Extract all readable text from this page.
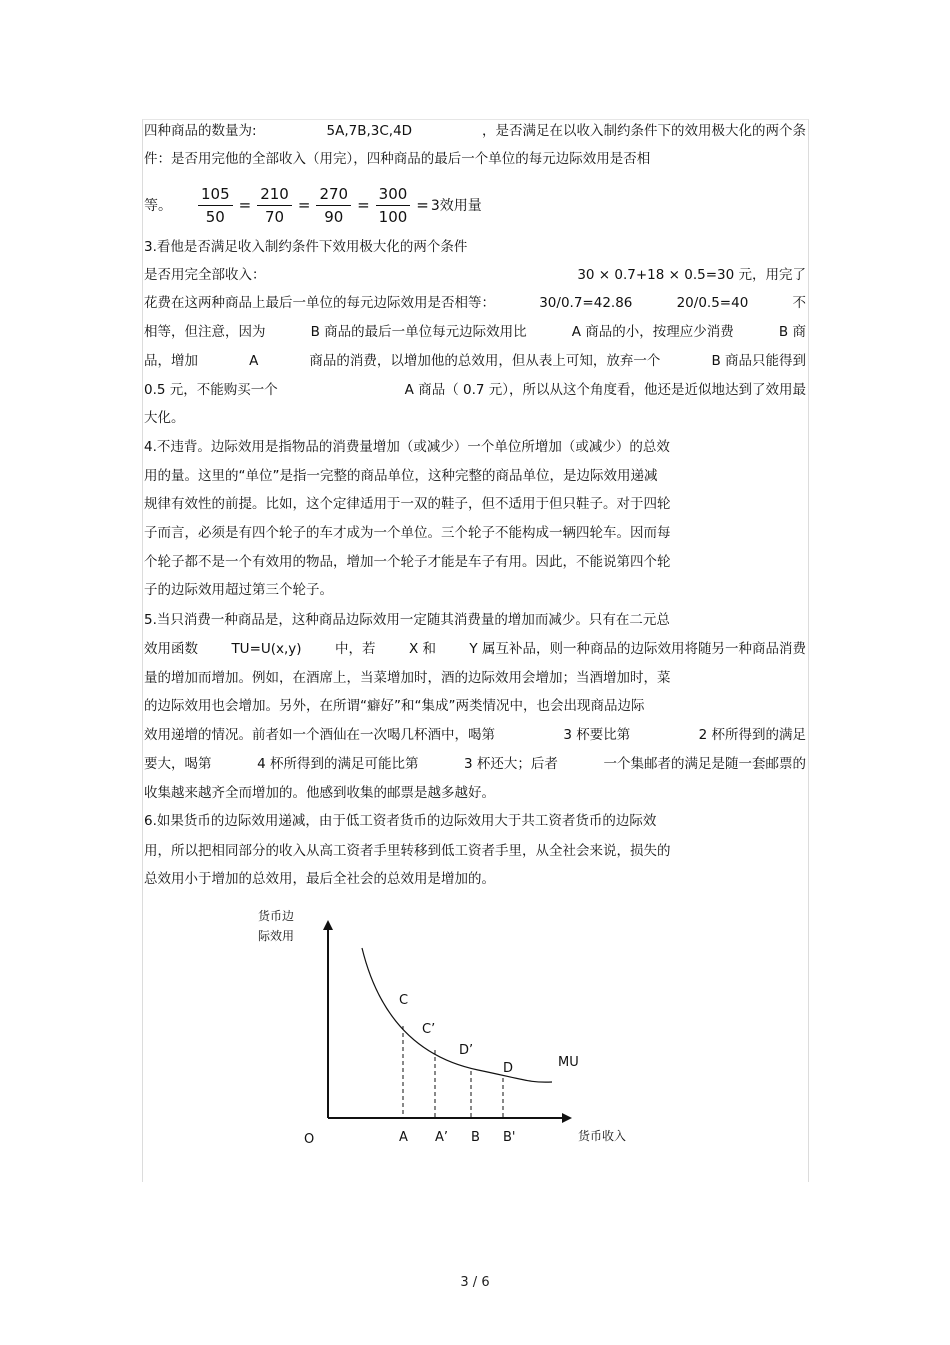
四种商品的数量为:	5A,7B,3C,4D	，是否满足在以收入制约条件下的效用极大化的两个条
件：是否用完他的全部收入（用完），四种商品的最后一个单位的每元边际效用是否相
3.看他是否满足收入制约条件下效用极大化的两个条件
是否用完全部收入：	30 × 0.7+18 × 0.5=30 元，用完了
花费在这两种商品上最后一单位的每元边际效用是否相等：	30/0.7=42.86	20/0.5=40	不
相等，但注意，因为	B 商品的最后一单位每元边际效用比	A 商品的小，按理应少消费	B 商
品，增加	A	商品的消费，以增加他的总效用，但从表上可知，放弃一个	B 商品只能得到
0.5 元，不能购买一个	A 商品（ 0.7 元），所以从这个角度看，他还是近似地达到了效用最
大化。
4.不违背。边际效用是指物品的消费量增加（或减少）一个单位所增加（或减少）的总效
用的量。这里的“单位”是指一完整的商品单位，这种完整的商品单位，是边际效用递减
规律有效性的前提。比如，这个定律适用于一双的鞋子，但不适用于但只鞋子。对于四轮
子而言，必须是有四个轮子的车才成为一个单位。三个轮子不能构成一辆四轮车。因而每
个轮子都不是一个有效用的物品，增加一个轮子才能是车子有用。因此，不能说第四个轮
子的边际效用超过第三个轮子。
5.当只消费一种商品是，这种商品边际效用一定随其消费量的增加而减少。只有在二元总
效用函数 TU=U(x,y) 中，若 X 和 Y 属互补品，则一种商品的边际效用将随另一种商品消费
量的增加而增加。例如，在酒席上，当菜增加时，酒的边际效用会增加；当酒增加时，菜
的边际效用也会增加。另外，在所谓“癖好”和“集成”两类情况中，也会出现商品边际
效用递增的情况。前者如一个酒仙在一次喝几杯酒中，喝第	3 杯要比第	2 杯所得到的满足
要大，喝第	4 杯所得到的满足可能比第	3 杯还大；后者	一个集邮者的满足是随一套邮票的
收集越来越齐全而增加的。他感到收集的邮票是越多越好。
6.如果货币的边际效用递减，由于低工资者货币的边际效用大于共工资者货币的边际效
用，所以把相同部分的收入从高工资者手里转移到低工资者手里，从全社会来说，损失的
总效用小于增加的总效用，最后全社会的总效用是增加的。
等。 $\frac{105}{50} = \frac{210}{70} = \frac{270}{90} = \frac{300}{100} = 3$效用量
C
A
C’
A’
D’
B
D
B'
MU
O	货币收入
货币边
际效用
3 / 6
